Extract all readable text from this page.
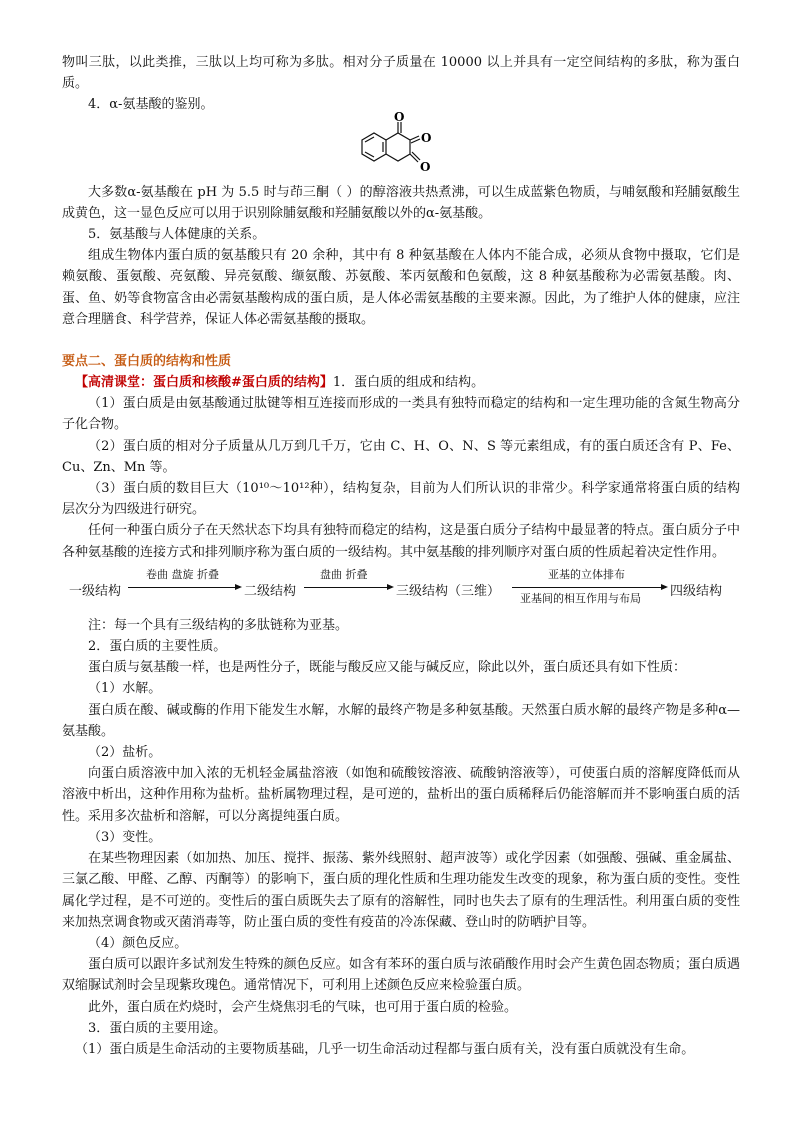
物叫三肽，以此类推，三肽以上均可称为多肽。相对分子质量在 10000 以上并具有一定空间结构的多肽，称为蛋白质。

4．α-氨基酸的鉴别。

O
O
O

大多数α-氨基酸在 pH 为 5.5 时与茚三酮（ ）的醇溶液共热煮沸，可以生成蓝紫色物质，与哺氨酸和羟脯氨酸生成黄色，这一显色反应可以用于识别除脯氨酸和羟脯氨酸以外的α-氨基酸。

5．氨基酸与人体健康的关系。

组成生物体内蛋白质的氨基酸只有 20 余种，其中有 8 种氨基酸在人体内不能合成，必须从食物中摄取，它们是赖氨酸、蛋氨酸、亮氨酸、异亮氨酸、缬氨酸、苏氨酸、苯丙氨酸和色氨酸，这 8 种氨基酸称为必需氨基酸。肉、蛋、鱼、奶等食物富含由必需氨基酸构成的蛋白质，是人体必需氨基酸的主要来源。因此，为了维护人体的健康，应注意合理膳食、科学营养，保证人体必需氨基酸的摄取。

要点二、蛋白质的结构和性质

【高清课堂：蛋白质和核酸#蛋白质的结构】1．蛋白质的组成和结构。

（1）蛋白质是由氨基酸通过肽键等相互连接而形成的一类具有独特而稳定的结构和一定生理功能的含氮生物高分子化合物。

（2）蛋白质的相对分子质量从几万到几千万，它由 C、H、O、N、S 等元素组成，有的蛋白质还含有 P、Fe、Cu、Zn、Mn 等。

（3）蛋白质的数目巨大（10¹⁰～10¹²种），结构复杂，目前为人们所认识的非常少。科学家通常将蛋白质的结构层次分为四级进行研究。

任何一种蛋白质分子在天然状态下均具有独特而稳定的结构，这是蛋白质分子结构中最显著的特点。蛋白质分子中各种氨基酸的连接方式和排列顺序称为蛋白质的一级结构。其中氨基酸的排列顺序对蛋白质的性质起着决定性作用。

一级结构
卷曲 盘旋 折叠
二级结构
盘曲 折叠
三级结构（三维）
亚基的立体排布
亚基间的相互作用与布局 四级结构

注：每一个具有三级结构的多肽链称为亚基。

2．蛋白质的主要性质。

蛋白质与氨基酸一样，也是两性分子，既能与酸反应又能与碱反应，除此以外，蛋白质还具有如下性质：

（1）水解。

蛋白质在酸、碱或酶的作用下能发生水解，水解的最终产物是多种氨基酸。天然蛋白质水解的最终产物是多种α—氨基酸。

（2）盐析。

向蛋白质溶液中加入浓的无机轻金属盐溶液（如饱和硫酸铵溶液、硫酸钠溶液等），可使蛋白质的溶解度降低而从溶液中析出，这种作用称为盐析。盐析属物理过程，是可逆的，盐析出的蛋白质稀释后仍能溶解而并不影响蛋白质的活性。采用多次盐析和溶解，可以分离提纯蛋白质。

（3）变性。

在某些物理因素（如加热、加压、搅拌、振荡、紫外线照射、超声波等）或化学因素（如强酸、强碱、重金属盐、三氯乙酸、甲醛、乙醇、丙酮等）的影响下，蛋白质的理化性质和生理功能发生改变的现象，称为蛋白质的变性。变性属化学过程，是不可逆的。变性后的蛋白质既失去了原有的溶解性，同时也失去了原有的生理活性。利用蛋白质的变性来加热烹调食物或灭菌消毒等，防止蛋白质的变性有疫苗的冷冻保藏、登山时的防晒护目等。

（4）颜色反应。

蛋白质可以跟许多试剂发生特殊的颜色反应。如含有苯环的蛋白质与浓硝酸作用时会产生黄色固态物质；蛋白质遇双缩脲试剂时会呈现紫玫瑰色。通常情况下，可利用上述颜色反应来检验蛋白质。

此外，蛋白质在灼烧时，会产生烧焦羽毛的气味，也可用于蛋白质的检验。

3．蛋白质的主要用途。

（1）蛋白质是生命活动的主要物质基础，几乎一切生命活动过程都与蛋白质有关，没有蛋白质就没有生命。
